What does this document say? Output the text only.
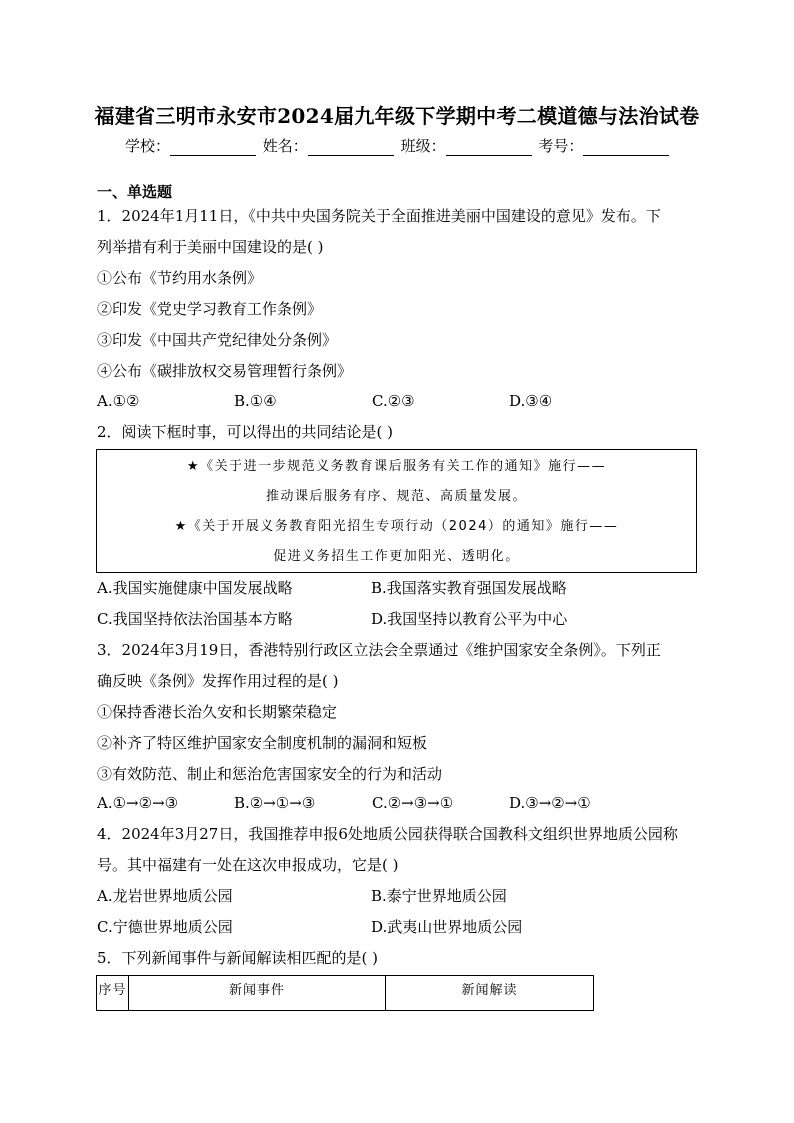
福建省三明市永安市2024届九年级下学期中考二模道德与法治试卷
学校：	姓名：	班级：	考号：
一、单选题
1．2024年1月11日，《中共中央国务院关于全面推进美丽中国建设的意见》发布。下
列举措有利于美丽中国建设的是( )
①公布《节约用水条例》
②印发《党史学习教育工作条例》
③印发《中国共产党纪律处分条例》
④公布《碳排放权交易管理暂行条例》
A.①②	B.①④	C.②③	D.③④
2．阅读下框时事，可以得出的共同结论是( )
★《关于进一步规范义务教育课后服务有关工作的通知》施行——
推动课后服务有序、规范、高质量发展。
★《关于开展义务教育阳光招生专项行动（2024）的通知》施行——
促进义务招生工作更加阳光、透明化。
A.我国实施健康中国发展战略	B.我国落实教育强国发展战略
C.我国坚持依法治国基本方略	D.我国坚持以教育公平为中心
3．2024年3月19日，香港特别行政区立法会全票通过《维护国家安全条例》。下列正
确反映《条例》发挥作用过程的是( )
①保持香港长治久安和长期繁荣稳定
②补齐了特区维护国家安全制度机制的漏洞和短板
③有效防范、制止和惩治危害国家安全的行为和活动
A.①→②→③	B.②→①→③	C.②→③→①	D.③→②→①
4．2024年3月27日，我国推荐申报6处地质公园获得联合国教科文组织世界地质公园称
号。其中福建有一处在这次申报成功，它是( )
A.龙岩世界地质公园	B.泰宁世界地质公园
C.宁德世界地质公园	D.武夷山世界地质公园
5．下列新闻事件与新闻解读相匹配的是( )
序号	新闻事件	新闻解读
